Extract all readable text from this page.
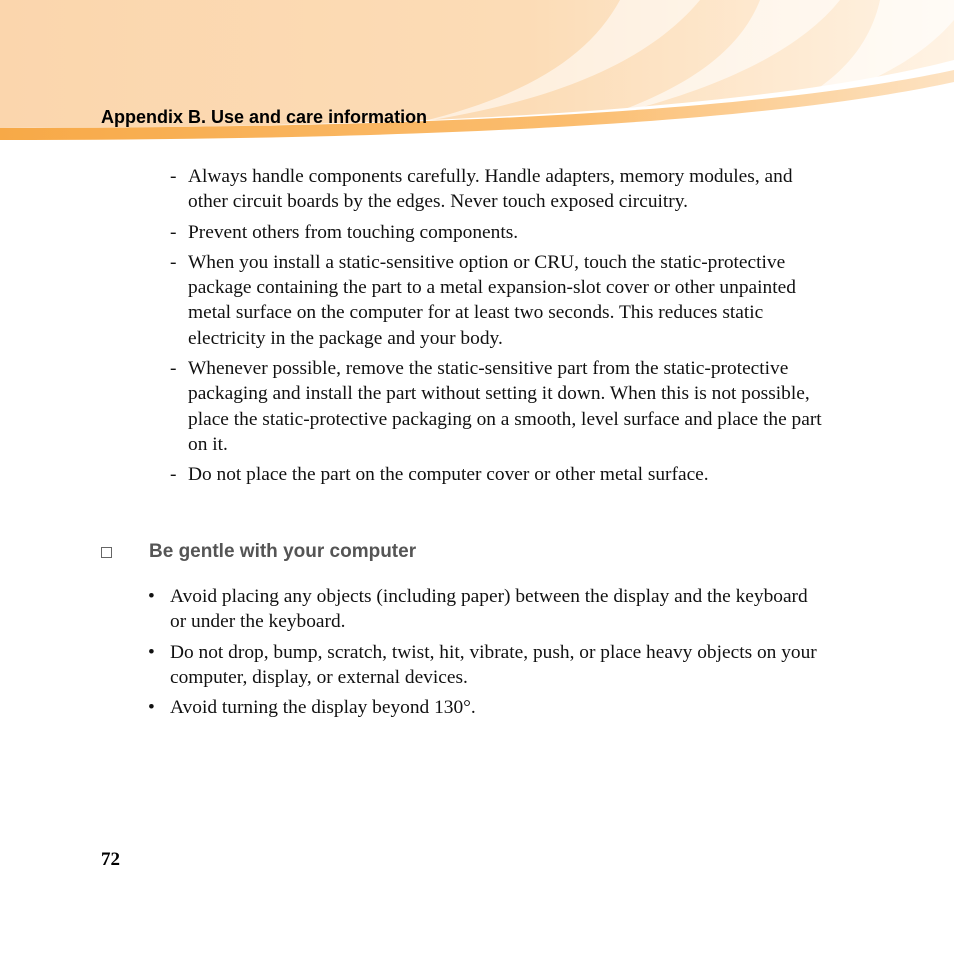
Appendix B. Use and care information
- Always handle components carefully. Handle adapters, memory modules, and other circuit boards by the edges. Never touch exposed circuitry.
- Prevent others from touching components.
- When you install a static-sensitive option or CRU, touch the static-protective package containing the part to a metal expansion-slot cover or other unpainted metal surface on the computer for at least two seconds. This reduces static electricity in the package and your body.
- Whenever possible, remove the static-sensitive part from the static-protective packaging and install the part without setting it down. When this is not possible, place the static-protective packaging on a smooth, level surface and place the part on it.
- Do not place the part on the computer cover or other metal surface.
Be gentle with your computer
• Avoid placing any objects (including paper) between the display and the keyboard or under the keyboard.
• Do not drop, bump, scratch, twist, hit, vibrate, push, or place heavy objects on your computer, display, or external devices.
• Avoid turning the display beyond 130°.
72
